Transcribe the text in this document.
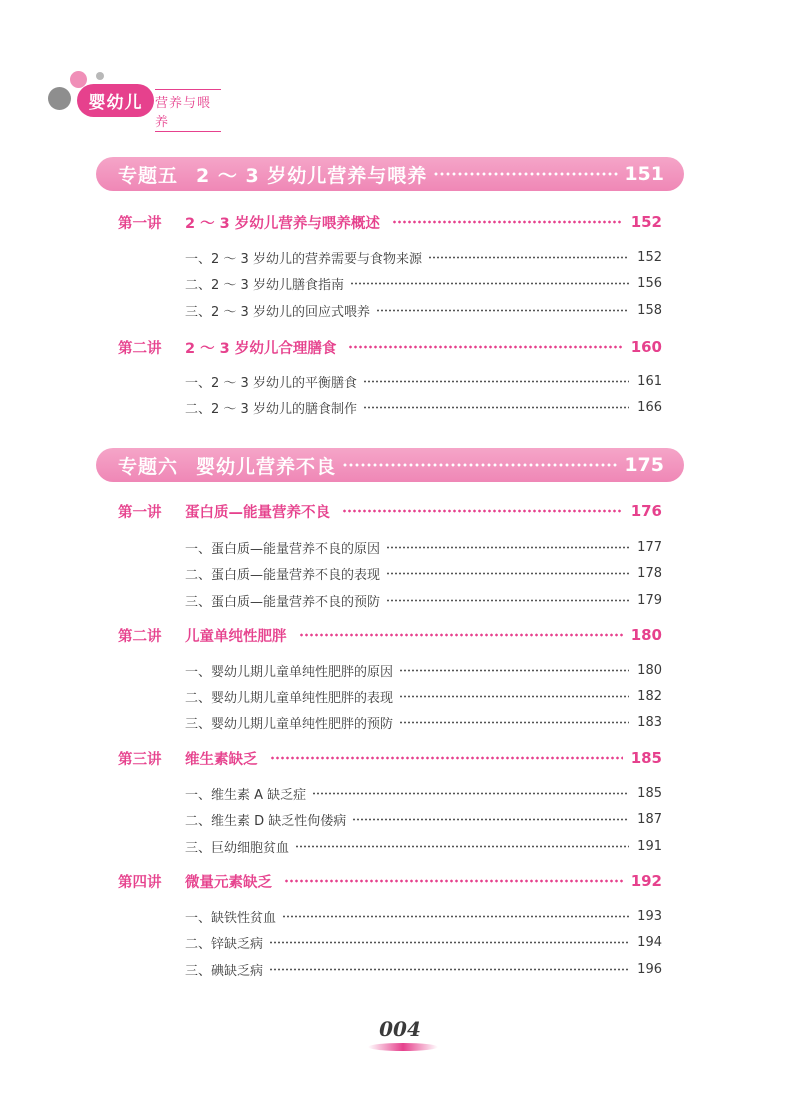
婴幼儿 营养与喂养
专题五 2 ～ 3 岁幼儿营养与喂养	151
第一讲	2 ～ 3 岁幼儿营养与喂养概述	152
一、2 ～ 3 岁幼儿的营养需要与食物来源	152
二、2 ～ 3 岁幼儿膳食指南	156
三、2 ～ 3 岁幼儿的回应式喂养	158
第二讲	2 ～ 3 岁幼儿合理膳食	160
一、2 ～ 3 岁幼儿的平衡膳食	161
二、2 ～ 3 岁幼儿的膳食制作	166
专题六 婴幼儿营养不良	175
第一讲	蛋白质—能量营养不良	176
一、蛋白质—能量营养不良的原因	177
二、蛋白质—能量营养不良的表现	178
三、蛋白质—能量营养不良的预防	179
第二讲	儿童单纯性肥胖	180
一、婴幼儿期儿童单纯性肥胖的原因	180
二、婴幼儿期儿童单纯性肥胖的表现	182
三、婴幼儿期儿童单纯性肥胖的预防	183
第三讲	维生素缺乏	185
一、维生素 A 缺乏症	185
二、维生素 D 缺乏性佝偻病	187
三、巨幼细胞贫血	191
第四讲	微量元素缺乏	192
一、缺铁性贫血	193
二、锌缺乏病	194
三、碘缺乏病	196
004
